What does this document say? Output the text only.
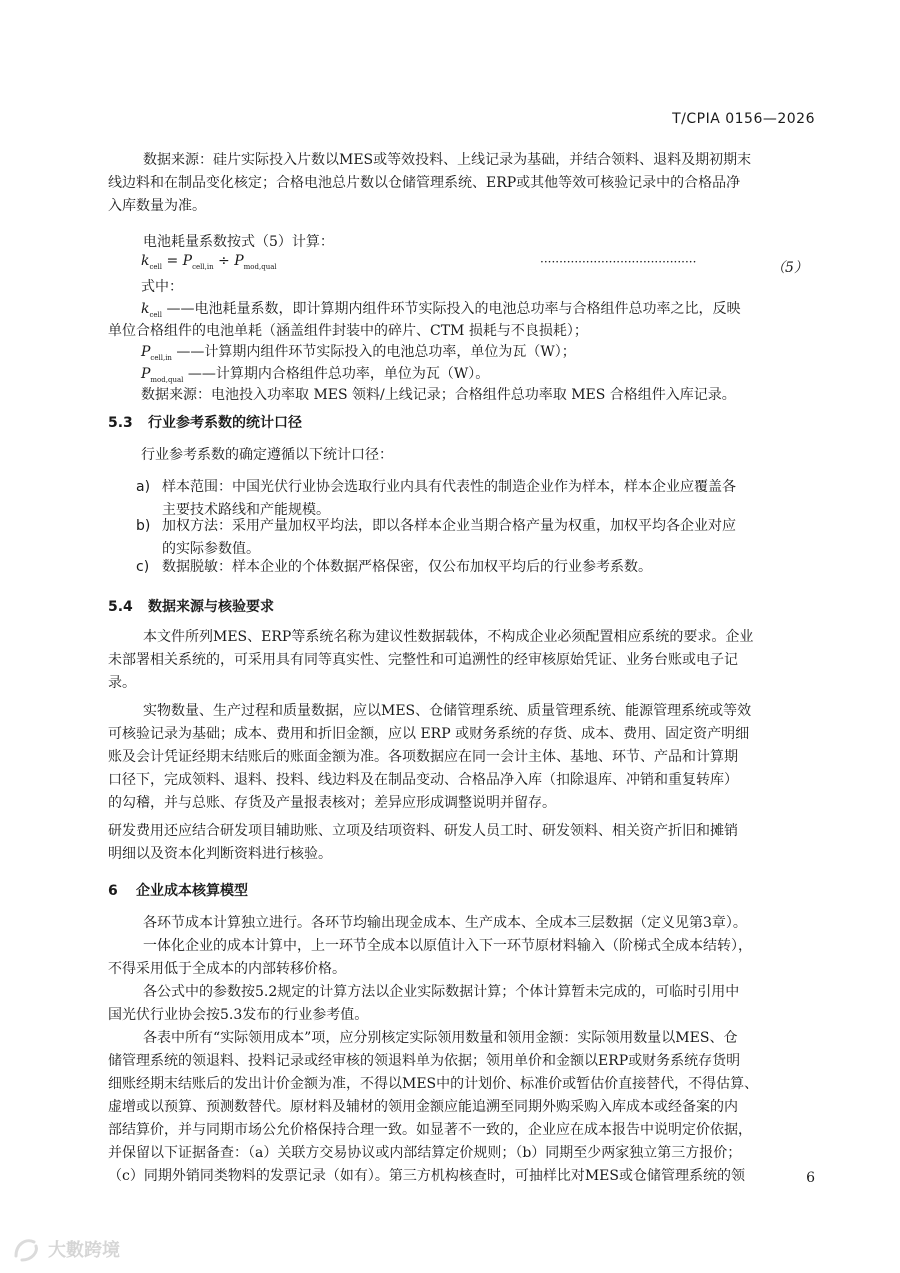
T/CPIA 0156—2026
数据来源：硅片实际投入片数以MES或等效投料、上线记录为基础，并结合领料、退料及期初期末
线边料和在制品变化核定；合格电池总片数以仓储管理系统、ERP或其他等效可核验记录中的合格品净
入库数量为准。
电池耗量系数按式（5）计算：
$k_{cell} = P_{cell,in} \div P_{mod,qual}$	·········································	（5）
式中：
$k_{cell}$ ——电池耗量系数，即计算期内组件环节实际投入的电池总功率与合格组件总功率之比，反映
单位合格组件的电池单耗（涵盖组件封装中的碎片、CTM 损耗与不良损耗）；
$P_{cell,in}$ ——计算期内组件环节实际投入的电池总功率，单位为瓦（W）；
$P_{mod,qual}$ ——计算期内合格组件总功率，单位为瓦（W）。
数据来源：电池投入功率取 MES 领料/上线记录；合格组件总功率取 MES 合格组件入库记录。
5.3 行业参考系数的统计口径
行业参考系数的确定遵循以下统计口径：
a) 样本范围：中国光伏行业协会选取行业内具有代表性的制造企业作为样本，样本企业应覆盖各
主要技术路线和产能规模。
b) 加权方法：采用产量加权平均法，即以各样本企业当期合格产量为权重，加权平均各企业对应
的实际参数值。
c) 数据脱敏：样本企业的个体数据严格保密，仅公布加权平均后的行业参考系数。
5.4 数据来源与核验要求
本文件所列MES、ERP等系统名称为建议性数据载体，不构成企业必须配置相应系统的要求。企业
未部署相关系统的，可采用具有同等真实性、完整性和可追溯性的经审核原始凭证、业务台账或电子记
录。
实物数量、生产过程和质量数据，应以MES、仓储管理系统、质量管理系统、能源管理系统或等效
可核验记录为基础；成本、费用和折旧金额，应以 ERP 或财务系统的存货、成本、费用、固定资产明细
账及会计凭证经期末结账后的账面金额为准。各项数据应在同一会计主体、基地、环节、产品和计算期
口径下，完成领料、退料、投料、线边料及在制品变动、合格品净入库（扣除退库、冲销和重复转库）
的勾稽，并与总账、存货及产量报表核对；差异应形成调整说明并留存。
研发费用还应结合研发项目辅助账、立项及结项资料、研发人员工时、研发领料、相关资产折旧和摊销
明细以及资本化判断资料进行核验。
6 企业成本核算模型
各环节成本计算独立进行。各环节均输出现金成本、生产成本、全成本三层数据（定义见第3章）。
一体化企业的成本计算中，上一环节全成本以原值计入下一环节原材料输入（阶梯式全成本结转），
不得采用低于全成本的内部转移价格。
各公式中的参数按5.2规定的计算方法以企业实际数据计算；个体计算暂未完成的，可临时引用中
国光伏行业协会按5.3发布的行业参考值。
各表中所有“实际领用成本”项，应分别核定实际领用数量和领用金额：实际领用数量以MES、仓
储管理系统的领退料、投料记录或经审核的领退料单为依据；领用单价和金额以ERP或财务系统存货明
细账经期末结账后的发出计价金额为准，不得以MES中的计划价、标准价或暂估价直接替代，不得估算、
虚增或以预算、预测数替代。原材料及辅材的领用金额应能追溯至同期外购采购入库成本或经备案的内
部结算价，并与同期市场公允价格保持合理一致。如显著不一致的，企业应在成本报告中说明定价依据，
并保留以下证据备查：（a）关联方交易协议或内部结算定价规则；（b）同期至少两家独立第三方报价；
（c）同期外销同类物料的发票记录（如有）。第三方机构核查时，可抽样比对MES或仓储管理系统的领	6
大數跨境
